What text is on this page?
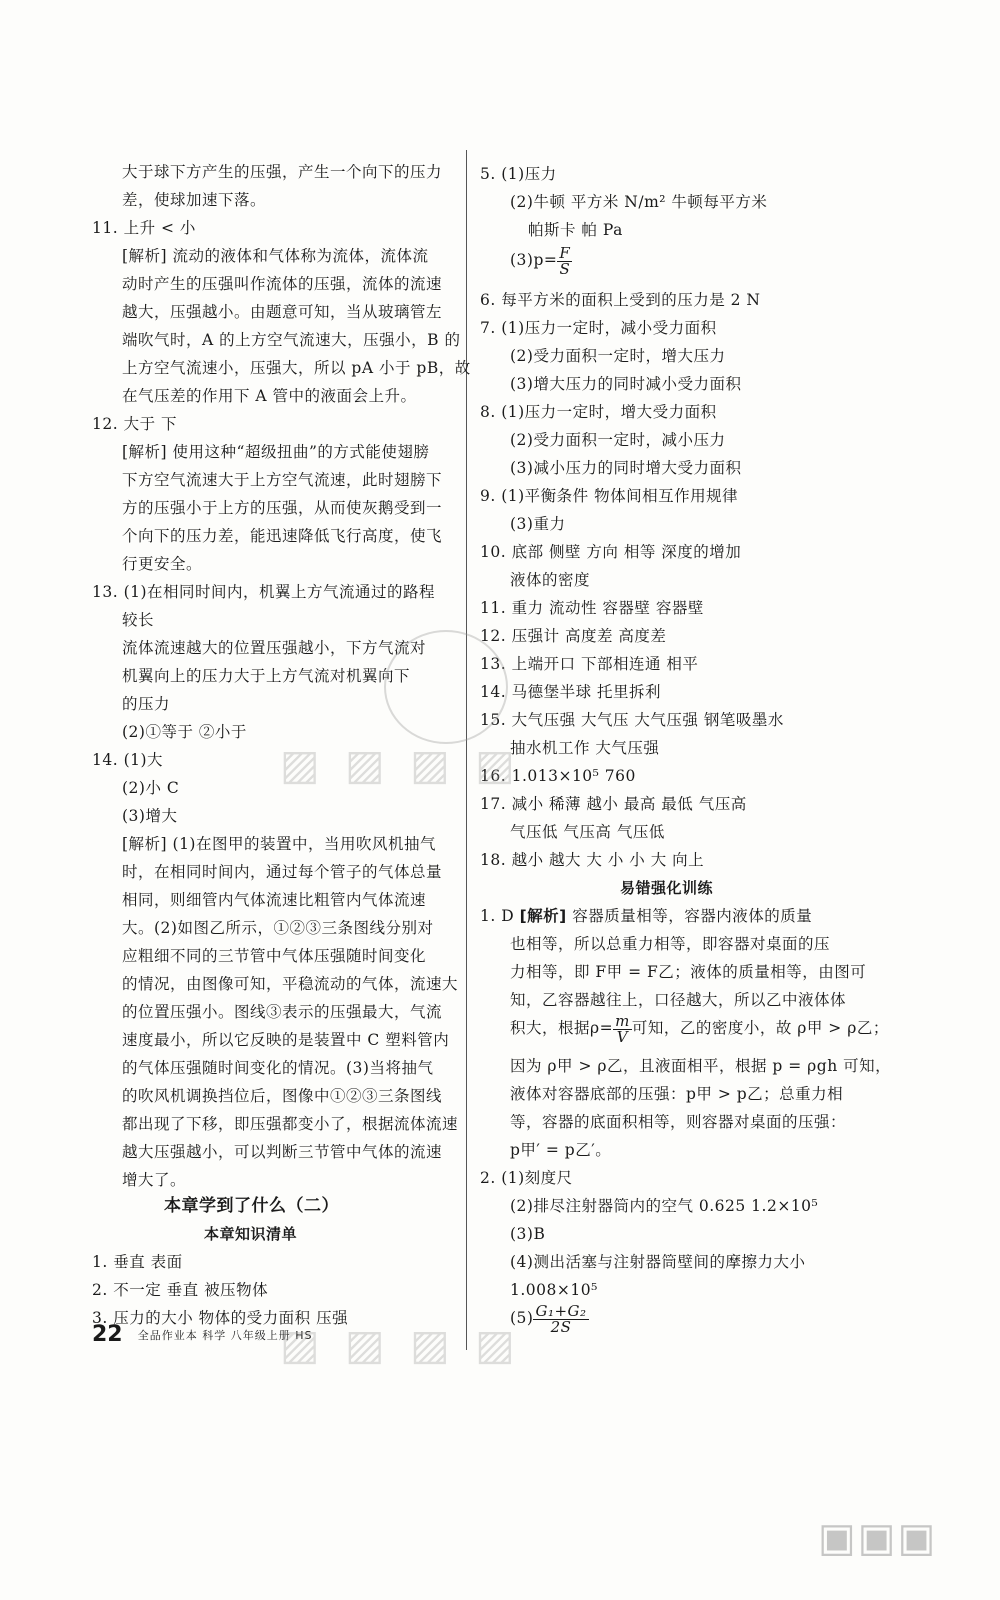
大于球下方产生的压强，产生一个向下的压力
差，使球加速下落。
11. 上升 < 小
[解析] 流动的液体和气体称为流体，流体流
动时产生的压强叫作流体的压强，流体的流速
越大，压强越小。由题意可知，当从玻璃管左
端吹气时，A 的上方空气流速大，压强小，B 的
上方空气流速小，压强大，所以 pA 小于 pB，故
在气压差的作用下 A 管中的液面会上升。
12. 大于 下
[解析] 使用这种“超级扭曲”的方式能使翅膀
下方空气流速大于上方空气流速，此时翅膀下
方的压强小于上方的压强，从而使灰鹅受到一
个向下的压力差，能迅速降低飞行高度，使飞
行更安全。
13. (1)在相同时间内，机翼上方气流通过的路程
较长
流体流速越大的位置压强越小，下方气流对
机翼向上的压力大于上方气流对机翼向下
的压力
(2)①等于 ②小于
14. (1)大
(2)小 C
(3)增大
[解析] (1)在图甲的装置中，当用吹风机抽气
时，在相同时间内，通过每个管子的气体总量
相同，则细管内气体流速比粗管内气体流速
大。(2)如图乙所示，①②③三条图线分别对
应粗细不同的三节管中气体压强随时间变化
的情况，由图像可知，平稳流动的气体，流速大
的位置压强小。图线③表示的压强最大，气流
速度最小，所以它反映的是装置中 C 塑料管内
的气体压强随时间变化的情况。(3)当将抽气
的吹风机调换挡位后，图像中①②③三条图线
都出现了下移，即压强都变小了，根据流体流速
越大压强越小，可以判断三节管中气体的流速
增大了。
本章学到了什么（二）
本章知识清单
1. 垂直 表面
2. 不一定 垂直 被压物体
3. 压力的大小 物体的受力面积 压强
5. (1)压力
(2)牛顿 平方米 N/m² 牛顿每平方米
帕斯卡 帕 Pa
$(3)p= \frac{F}{S}$
6. 每平方米的面积上受到的压力是 2 N
7. (1)压力一定时，减小受力面积
(2)受力面积一定时，增大压力
(3)增大压力的同时减小受力面积
8. (1)压力一定时，增大受力面积
(2)受力面积一定时，减小压力
(3)减小压力的同时增大受力面积
9. (1)平衡条件 物体间相互作用规律
(3)重力
10. 底部 侧壁 方向 相等 深度的增加
液体的密度
11. 重力 流动性 容器壁 容器壁
12. 压强计 高度差 高度差
13. 上端开口 下部相连通 相平
14. 马德堡半球 托里拆利
15. 大气压强 大气压 大气压强 钢笔吸墨水
抽水机工作 大气压强
16. 1.013×10⁵ 760
17. 减小 稀薄 越小 最高 最低 气压高
气压低 气压高 气压低
18. 越小 越大 大 小 小 大 向上
易错强化训练
1. D [解析] 容器质量相等，容器内液体的质量
也相等，所以总重力相等，即容器对桌面的压
力相等，即 F甲 = F乙；液体的质量相等，由图可
知，乙容器越往上，口径越大，所以乙中液体体
积大，根据$\rho= \frac{m}{V}$ 可知，乙的密度小，故 ρ甲 > ρ乙；
因为 ρ甲 > ρ乙，且液面相平，根据 p = ρgh 可知，
液体对容器底部的压强：p甲 > p乙；总重力相
等，容器的底面积相等，则容器对桌面的压强：
p甲′ = p乙′。
2. (1)刻度尺
(2)排尽注射器筒内的空气 0.625 1.2×10⁵
(3)B
(4)测出活塞与注射器筒壁间的摩擦力大小
1.008×10⁵
$(5) \frac{\text{G₁+G₂}}{2S}$
22 全品作业本 科学 八年级上册 HS
▨ ▨ ▨ ▨
▨ ▨ ▨ ▨
▣▣▣
